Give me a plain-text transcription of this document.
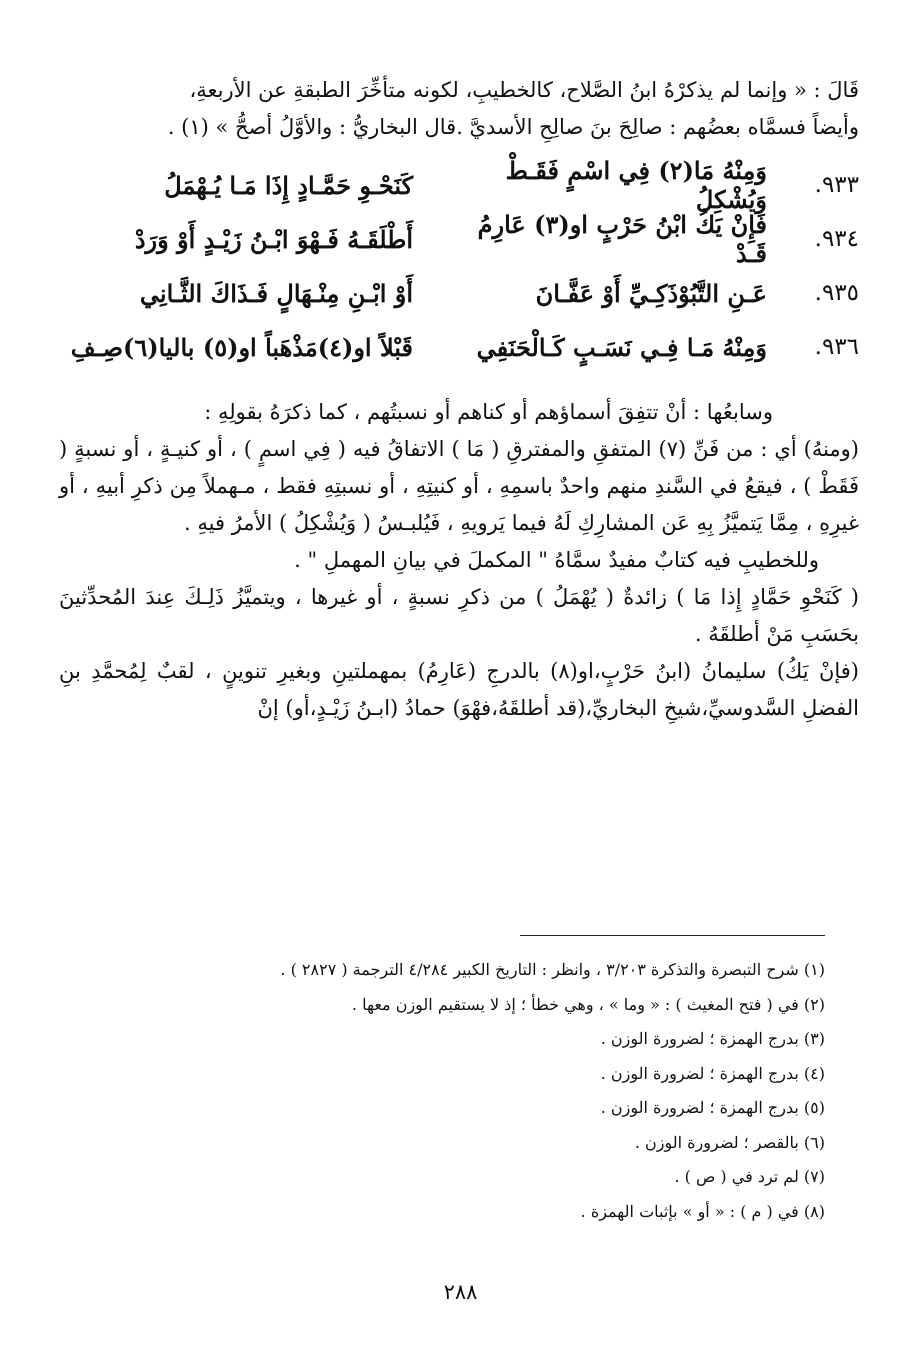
قَالَ : « وإنما لم يذكرْهُ ابنُ الصَّلاح، كالخطيبِ، لكونه متأخِّرَ الطبقةِ عن الأربعةِ،
وأيضاً فسمَّاه بعضُهم : صالِحَ بنَ صالِحِ الأسديَّ .قال البخاريُّ : والأوَّلُ أصحُّ » (١) .
٩٣٣.
وَمِنْهُ مَا(٢) فِي اسْمٍ فَقَـطْ وَيُشْكِلُ
كَنَحْـوِ حَمَّـادٍ إِذَا مَـا يُـهْمَلُ
٩٣٤.
فَإِنْ يَكُ ابْنُ حَرْبٍ او(٣) عَارِمُ قَـدْ
أَطْلَقَـهُ فَـهْوَ ابْـنُ زَيْـدٍ أَوْ وَرَدْ
٩٣٥.
عَـنِ التَّبُوْذَكِـيِّ أَوْ عَفَّـانَ
أَوْ ابْـنِ مِنْـهَالٍ فَـذَاكَ الثَّـانِي
٩٣٦.
وَمِنْهُ مَـا فِـي نَسَـبٍ كَـالْحَنَفِي
قَبْلاً او(٤)مَذْهَباً او(٥) باليا(٦)صِـفِ
وسابعُها : أنْ تتفِقَ أسماؤهم أو كناهم أو نسبتُهم ، كما ذكرَهُ بقولِهِ :
(ومنهُ) أي : من فَنِّ (٧) المتفقِ والمفترقِ ( مَا ) الاتفاقُ فيه ( فِي اسمٍ ) ، أو كنيـةٍ ، أو نسبةٍ ( فَقَطْ ) ، فيقعُ في السَّندِ منهم واحدٌ باسمِهِ ، أو كنيتِهِ ، أو نسبتِهِ فقط ، مـهملاً مِن ذكرِ أبيهِ ، أو غيرِهِ ، مِمَّا يَتميَّزُ بِهِ عَن المشارِكِ لَهُ فيما يَرويهِ ، فَيُلبـسُ ( وَيُشْكِلُ ) الأمرُ فيهِ .
وللخطيبِ فيه كتابٌ مفيدٌ سمَّاهُ " المكملَ في بيانِ المهملِ " .
( كَنَحْوِ حَمَّادٍ إِذا مَا ) زائدةٌ ( يُهْمَلُ ) من ذكرِ نسبةٍ ، أو غيرها ، ويتميَّزُ ذَلِـكَ عِندَ المُحدِّثينَ بحَسَبِ مَنْ أطلقَهُ .
(فإنْ يَكُ) سليمانُ (ابنُ حَرْبٍ،او(٨) بالدرجِ (عَارِمُ) بمهملتينِ وبغيرِ تنوينٍ ، لقبٌ لِمُحمَّدِ بنِ الفضلِ السَّدوسيِّ،شيخِ البخاريِّ،(قد أطلقَهُ،فهْوَ) حمادُ (ابـنُ زَيْـدٍ،أو) إنْ
(١) شرح التبصرة والتذكرة ٣/٢٠٣ ، وانظر : التاريخ الكبير ٤/٢٨٤ الترجمة ( ٢٨٢٧ ) .
(٢) في ( فتح المغيث ) : « وما » ، وهي خطأ ؛ إذ لا يستقيم الوزن معها .
(٣) بدرج الهمزة ؛ لضرورة الوزن .
(٤) بدرج الهمزة ؛ لضرورة الوزن .
(٥) بدرج الهمزة ؛ لضرورة الوزن .
(٦) بالقصر ؛ لضرورة الوزن .
(٧) لم ترد في ( ص ) .
(٨) في ( م ) : « أو » بإثبات الهمزة .
٢٨٨
